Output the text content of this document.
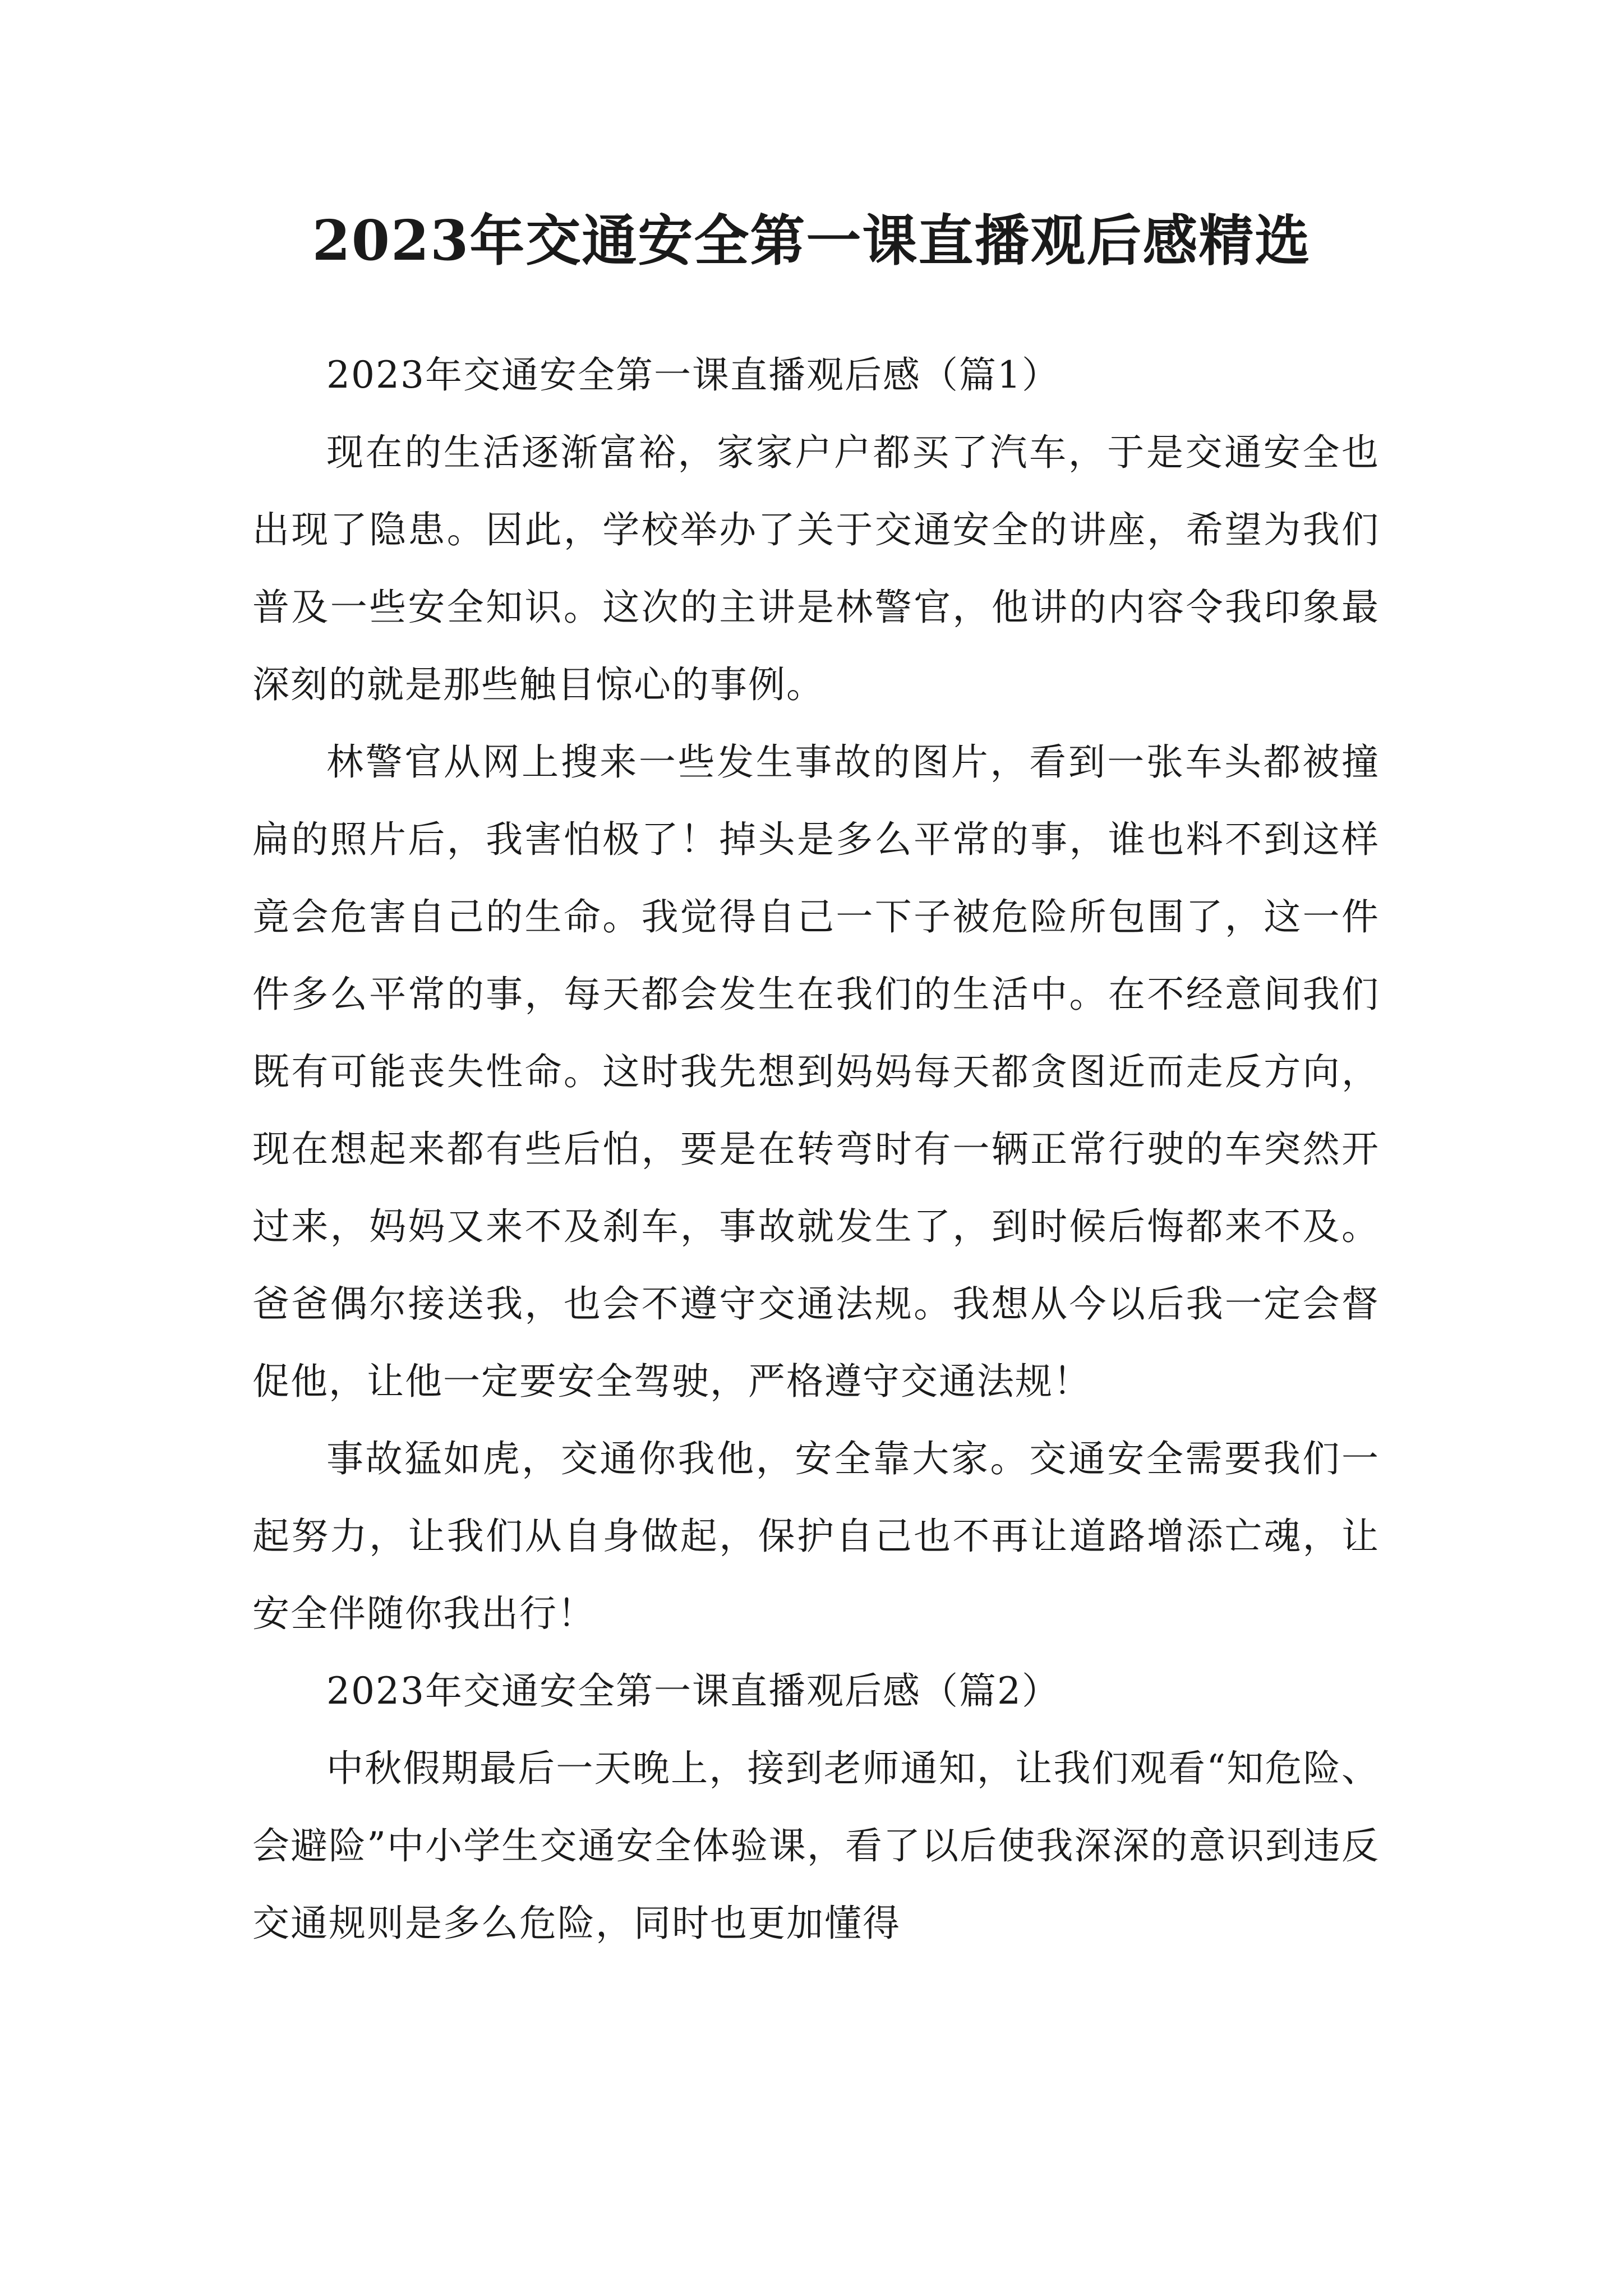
2023年交通安全第一课直播观后感精选

2023年交通安全第一课直播观后感（篇1）

现在的生活逐渐富裕，家家户户都买了汽车，于是交通安全也出现了隐患。因此，学校举办了关于交通安全的讲座，希望为我们普及一些安全知识。这次的主讲是林警官，他讲的内容令我印象最深刻的就是那些触目惊心的事例。

林警官从网上搜来一些发生事故的图片，看到一张车头都被撞扁的照片后，我害怕极了！掉头是多么平常的事，谁也料不到这样竟会危害自己的生命。我觉得自己一下子被危险所包围了，这一件件多么平常的事，每天都会发生在我们的生活中。在不经意间我们既有可能丧失性命。这时我先想到妈妈每天都贪图近而走反方向，现在想起来都有些后怕，要是在转弯时有一辆正常行驶的车突然开过来，妈妈又来不及刹车，事故就发生了，到时候后悔都来不及。爸爸偶尔接送我，也会不遵守交通法规。我想从今以后我一定会督促他，让他一定要安全驾驶，严格遵守交通法规！

事故猛如虎，交通你我他，安全靠大家。交通安全需要我们一起努力，让我们从自身做起，保护自己也不再让道路增添亡魂，让安全伴随你我出行！

2023年交通安全第一课直播观后感（篇2）

中秋假期最后一天晚上，接到老师通知，让我们观看“知危险、会避险”中小学生交通安全体验课，看了以后使我深深的意识到违反交通规则是多么危险，同时也更加懂得
